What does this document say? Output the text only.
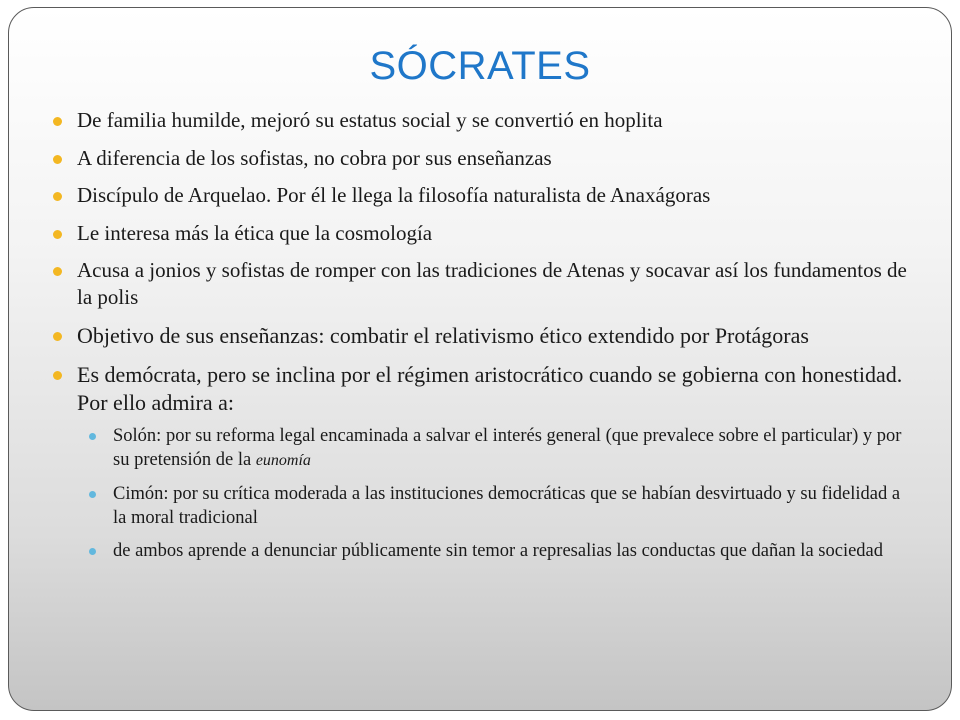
SÓCRATES
De familia humilde, mejoró su estatus social y se convertió en hoplita
A diferencia de los sofistas, no cobra por sus enseñanzas
Discípulo de Arquelao. Por él le llega la filosofía naturalista de Anaxágoras
Le interesa más la ética que la cosmología
Acusa a jonios y sofistas de romper con las tradiciones de Atenas y socavar así los fundamentos de la polis
Objetivo de sus enseñanzas: combatir el relativismo ético extendido por Protágoras
Es demócrata, pero se inclina por el régimen aristocrático cuando se gobierna con honestidad. Por ello admira a:
Solón: por su reforma legal encaminada a salvar el interés general (que prevalece sobre el particular) y por su pretensión de la eunomía
Cimón: por su crítica moderada a las instituciones democráticas que se habían desvirtuado y su fidelidad a la moral tradicional
de ambos aprende a denunciar públicamente sin temor a represalias las conductas que dañan la sociedad
